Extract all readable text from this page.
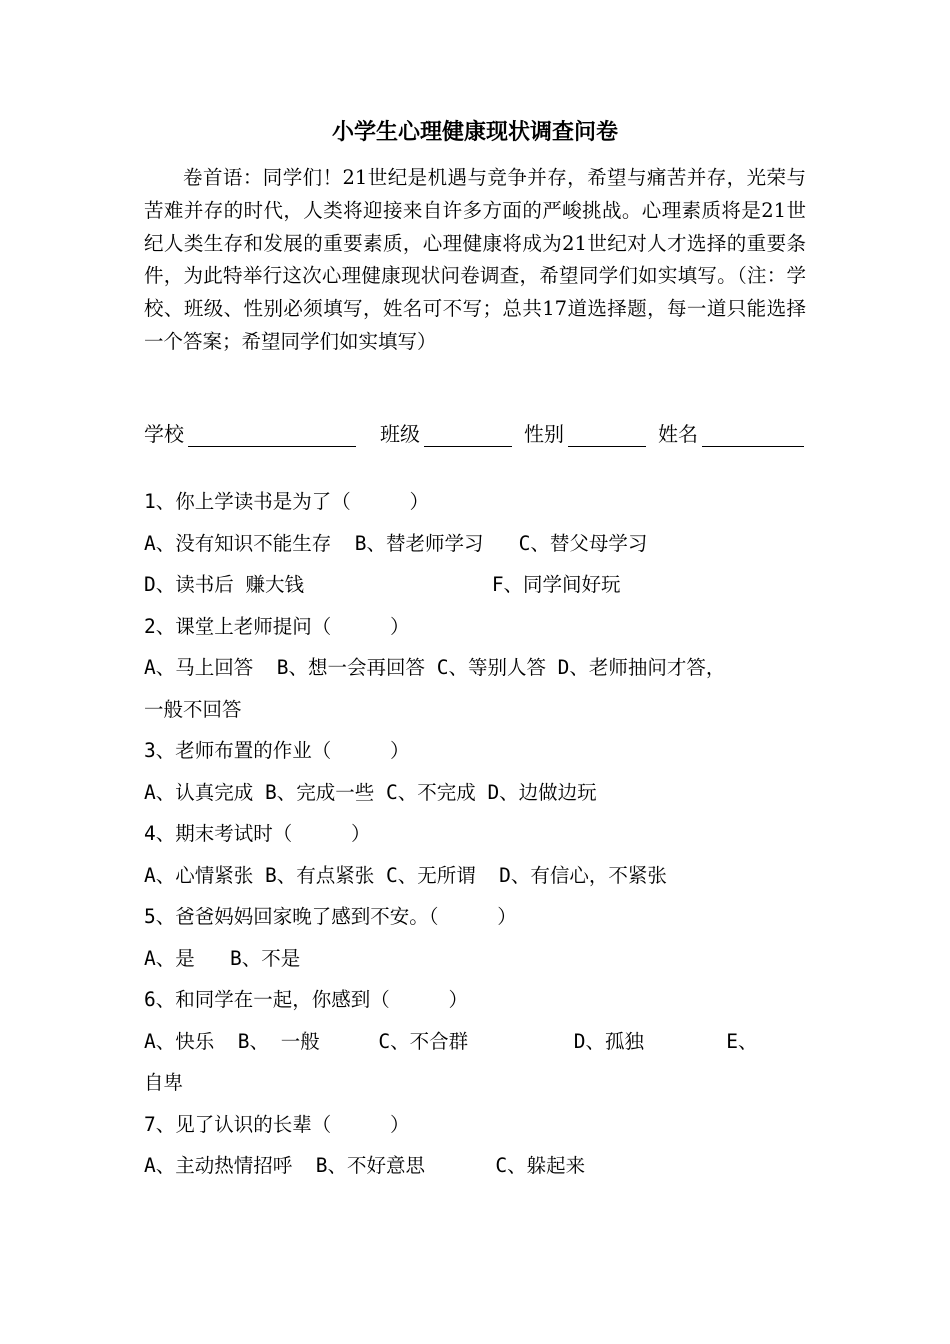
小学生心理健康现状调查问卷
卷首语：同学们！21世纪是机遇与竞争并存，希望与痛苦并存，光荣与苦难并存的时代，人类将迎接来自许多方面的严峻挑战。心理素质将是21世纪人类生存和发展的重要素质，心理健康将成为21世纪对人才选择的重要条件，为此特举行这次心理健康现状问卷调查，希望同学们如实填写。（注：学校、班级、性别必须填写，姓名可不写；总共17道选择题，每一道只能选择一个答案；希望同学们如实填写）
学校	班级	性别	姓名
1、你上学读书是为了（     ）
A、没有知识不能生存  B、替老师学习   C、替父母学习
D、读书后 赚大钱                F、同学间好玩
2、课堂上老师提问（     ）
A、马上回答  B、想一会再回答 C、等别人答 D、老师抽问才答，
一般不回答
3、老师布置的作业（     ）
A、认真完成 B、完成一些 C、不完成 D、边做边玩
4、期末考试时（     ）
A、心情紧张 B、有点紧张 C、无所谓  D、有信心，不紧张
5、爸爸妈妈回家晚了感到不安。（     ）
A、是   B、不是
6、和同学在一起，你感到（     ）
A、快乐  B、 一般     C、不合群         D、孤独       E、
自卑
7、见了认识的长辈（     ）
A、主动热情招呼  B、不好意思      C、躲起来
